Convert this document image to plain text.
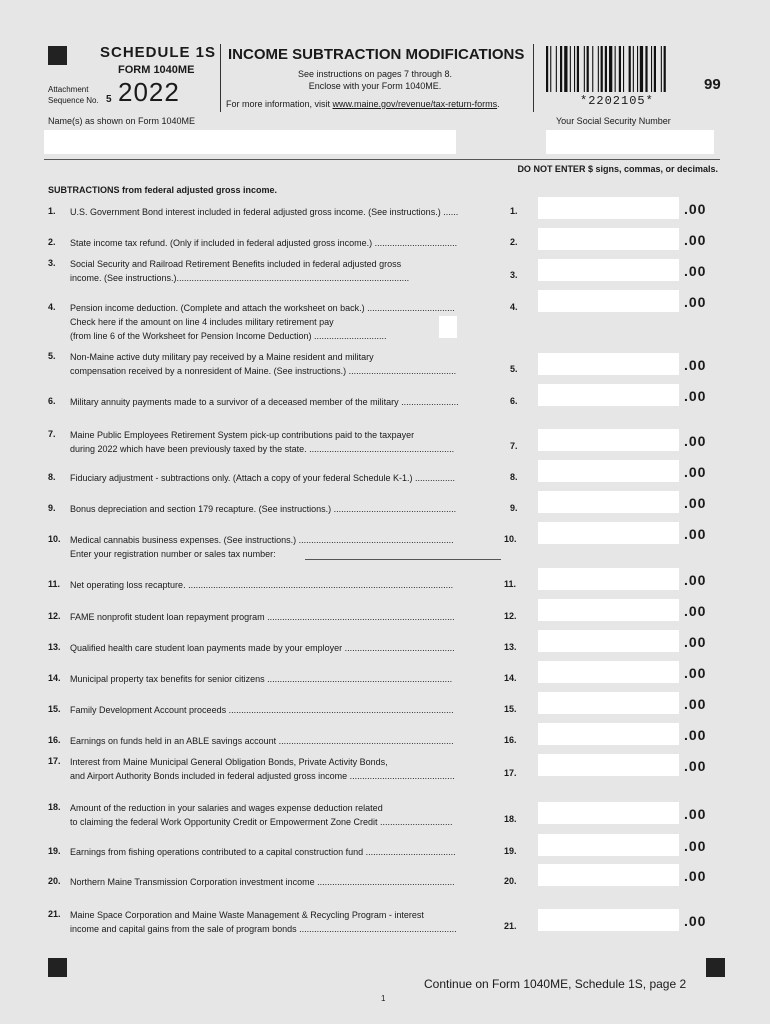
SCHEDULE 1S
FORM 1040ME
Attachment
Sequence No. 5 2022
INCOME SUBTRACTION MODIFICATIONS
See instructions on pages 7 through 8.
Enclose with your Form 1040ME.
For more information, visit www.maine.gov/revenue/tax-return-forms.	*2202105*
99
Name(s) as shown on Form 1040ME	Your Social Security Number
DO NOT ENTER $ signs, commas, or decimals.
SUBTRACTIONS from federal adjusted gross income.
1. U.S. Government Bond interest included in federal adjusted gross income. (See instructions.) ......	1.	.00
2. State income tax refund. (Only if included in federal adjusted gross income.) .................................	2.	.00
3. Social Security and Railroad Retirement Benefits included in federal adjusted gross
income. (See instructions.).............................................................................................	3.	.00
4. Pension income deduction. (Complete and attach the worksheet on back.) ...................................
Check here if the amount on line 4 includes military retirement pay
(from line 6 of the Worksheet for Pension Income Deduction) .............................
4.	.00
5. Non-Maine active duty military pay received by a Maine resident and military
compensation received by a nonresident of Maine. (See instructions.) ...........................................	5.	.00
6. Military annuity payments made to a survivor of a deceased member of the military .......................	6.	.00
7. Maine Public Employees Retirement System pick-up contributions paid to the taxpayer
during 2022 which have been previously taxed by the state. ..........................................................	7.	.00
8. Fiduciary adjustment - subtractions only. (Attach a copy of your federal Schedule K-1.) ................	8.	.00
9. Bonus depreciation and section 179 recapture. (See instructions.) .................................................	9.	.00
10. Medical cannabis business expenses. (See instructions.) ..............................................................
Enter your registration number or sales tax number:
10.	.00
11. Net operating loss recapture. ..........................................................................................................	11.	.00
12. FAME nonprofit student loan repayment program ...........................................................................	12.	.00
13. Qualified health care student loan payments made by your employer ............................................	13.	.00
14. Municipal property tax benefits for senior citizens ..........................................................................	14.	.00
15. Family Development Account proceeds ..........................................................................................	15.	.00
16. Earnings on funds held in an ABLE savings account ......................................................................	16.	.00
17. Interest from Maine Municipal General Obligation Bonds, Private Activity Bonds,
and Airport Authority Bonds included in federal adjusted gross income ..........................................	17.	.00
18. Amount of the reduction in your salaries and wages expense deduction related
to claiming the federal Work Opportunity Credit or Empowerment Zone Credit .............................	18.	.00
19. Earnings from fishing operations contributed to a capital construction fund ....................................	19.	.00
20. Northern Maine Transmission Corporation investment income .......................................................	20.	.00
21. Maine Space Corporation and Maine Waste Management & Recycling Program - interest
income and capital gains from the sale of program bonds ...............................................................	21.	.00
Continue on Form 1040ME, Schedule 1S, page 2
1
